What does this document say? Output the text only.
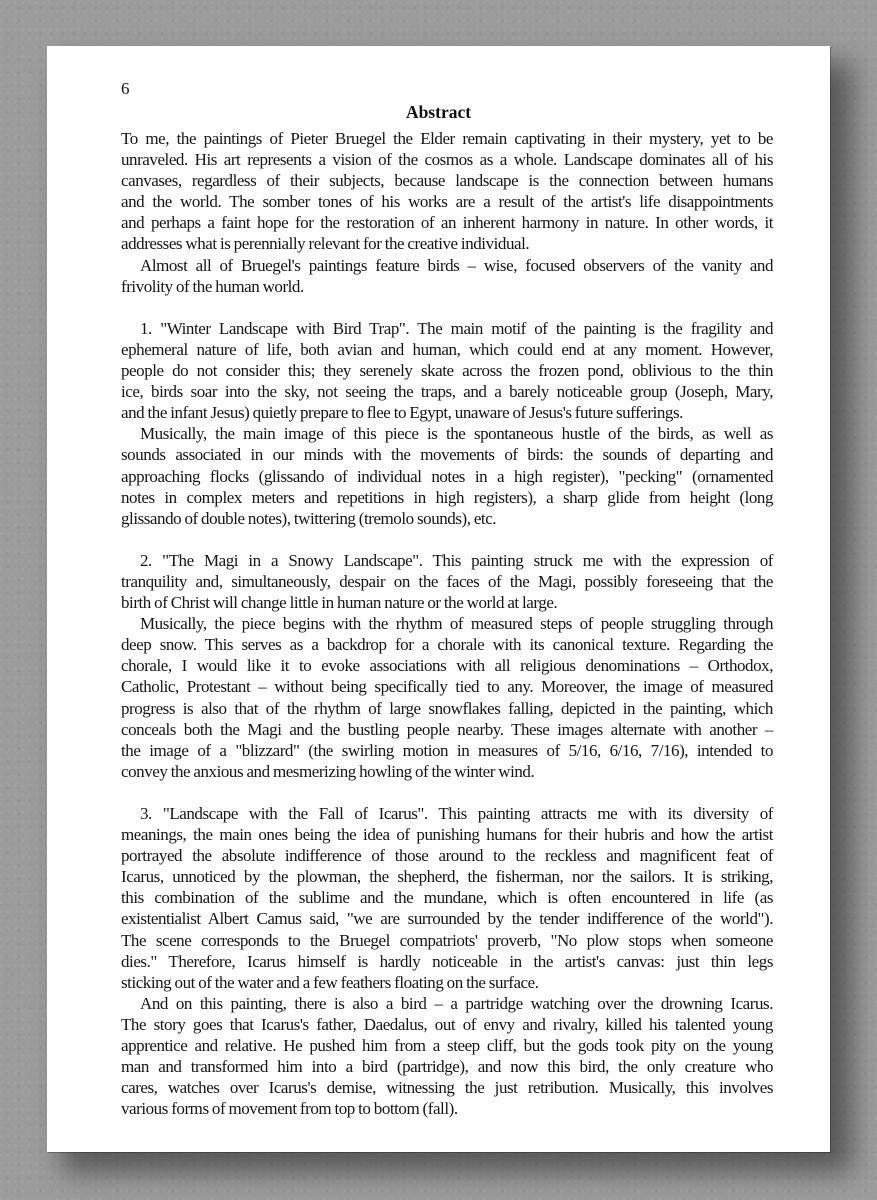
6
Abstract
To me, the paintings of Pieter Bruegel the Elder remain captivating in their mystery, yet to be
unraveled. His art represents a vision of the cosmos as a whole. Landscape dominates all of his
canvases, regardless of their subjects, because landscape is the connection between humans
and the world. The somber tones of his works are a result of the artist's life disappointments
and perhaps a faint hope for the restoration of an inherent harmony in nature. In other words, it
addresses what is perennially relevant for the creative individual.
Almost all of Bruegel's paintings feature birds – wise, focused observers of the vanity and
frivolity of the human world.
1. "Winter Landscape with Bird Trap". The main motif of the painting is the fragility and
ephemeral nature of life, both avian and human, which could end at any moment. However,
people do not consider this; they serenely skate across the frozen pond, oblivious to the thin
ice, birds soar into the sky, not seeing the traps, and a barely noticeable group (Joseph, Mary,
and the infant Jesus) quietly prepare to flee to Egypt, unaware of Jesus's future sufferings.
Musically, the main image of this piece is the spontaneous hustle of the birds, as well as
sounds associated in our minds with the movements of birds: the sounds of departing and
approaching flocks (glissando of individual notes in a high register), "pecking" (ornamented
notes in complex meters and repetitions in high registers), a sharp glide from height (long
glissando of double notes), twittering (tremolo sounds), etc.
2. "The Magi in a Snowy Landscape". This painting struck me with the expression of
tranquility and, simultaneously, despair on the faces of the Magi, possibly foreseeing that the
birth of Christ will change little in human nature or the world at large.
Musically, the piece begins with the rhythm of measured steps of people struggling through
deep snow. This serves as a backdrop for a chorale with its canonical texture. Regarding the
chorale, I would like it to evoke associations with all religious denominations – Orthodox,
Catholic, Protestant – without being specifically tied to any. Moreover, the image of measured
progress is also that of the rhythm of large snowflakes falling, depicted in the painting, which
conceals both the Magi and the bustling people nearby. These images alternate with another –
the image of a "blizzard" (the swirling motion in measures of 5/16, 6/16, 7/16), intended to
convey the anxious and mesmerizing howling of the winter wind.
3. "Landscape with the Fall of Icarus". This painting attracts me with its diversity of
meanings, the main ones being the idea of punishing humans for their hubris and how the artist
portrayed the absolute indifference of those around to the reckless and magnificent feat of
Icarus, unnoticed by the plowman, the shepherd, the fisherman, nor the sailors. It is striking,
this combination of the sublime and the mundane, which is often encountered in life (as
existentialist Albert Camus said, "we are surrounded by the tender indifference of the world").
The scene corresponds to the Bruegel compatriots' proverb, "No plow stops when someone
dies." Therefore, Icarus himself is hardly noticeable in the artist's canvas: just thin legs
sticking out of the water and a few feathers floating on the surface.
And on this painting, there is also a bird – a partridge watching over the drowning Icarus.
The story goes that Icarus's father, Daedalus, out of envy and rivalry, killed his talented young
apprentice and relative. He pushed him from a steep cliff, but the gods took pity on the young
man and transformed him into a bird (partridge), and now this bird, the only creature who
cares, watches over Icarus's demise, witnessing the just retribution. Musically, this involves
various forms of movement from top to bottom (fall).
